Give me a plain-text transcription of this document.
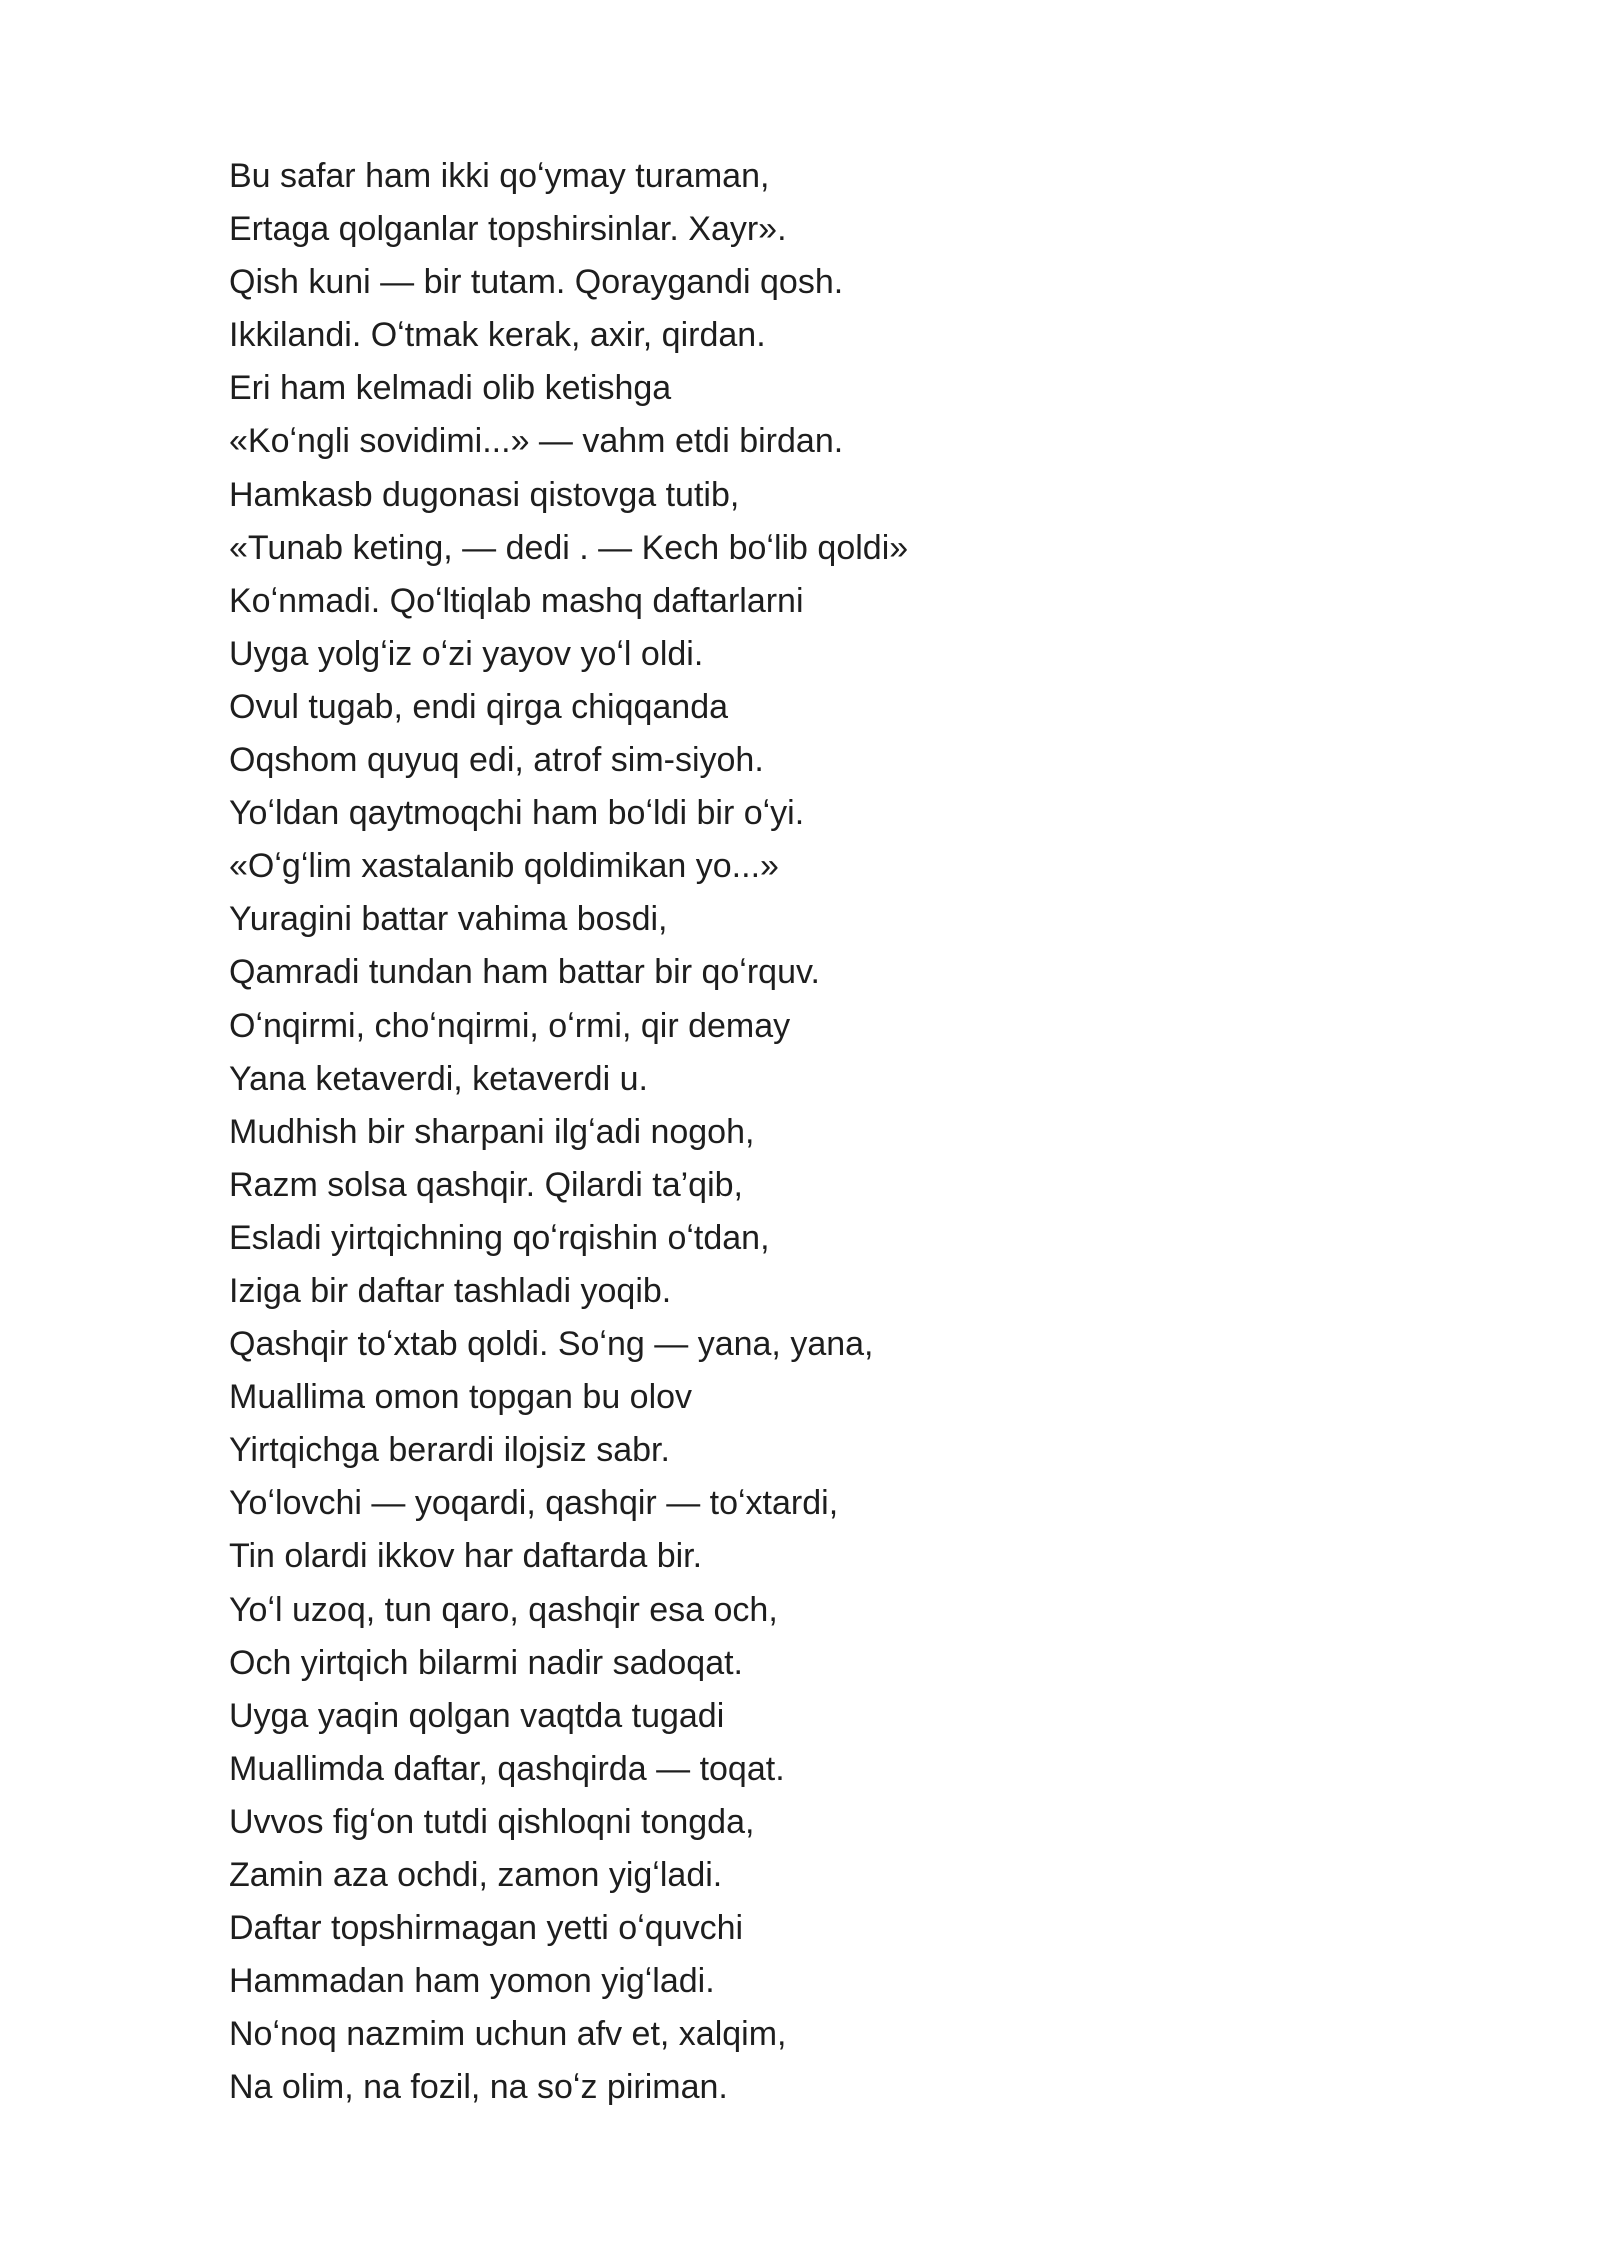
Bu safar ham ikki qoʻymay turaman,
Ertaga qolganlar topshirsinlar. Xayr».
Qish kuni — bir tutam. Qoraygandi qosh.
Ikkilandi. Oʻtmak kerak, axir, qirdan.
Eri ham kelmadi olib ketishga
«Koʻngli sovidimi...» — vahm etdi birdan.
Hamkasb dugonasi qistovga tutib,
«Tunab keting, — dedi . — Kech boʻlib qoldi»
Koʻnmadi. Qoʻltiqlab mashq daftarlarni
Uyga yolgʻiz oʻzi yayov yoʻl oldi.
Ovul tugab, endi qirga chiqqanda
Oqshom quyuq edi, atrof sim-siyoh.
Yoʻldan qaytmoqchi ham boʻldi bir oʻyi.
«Oʻgʻlim xastalanib qoldimikan yo...»
Yuragini battar vahima bosdi,
Qamradi tundan ham battar bir qoʻrquv.
Oʻnqirmi, choʻnqirmi, oʻrmi, qir demay
Yana ketaverdi, ketaverdi u.
Mudhish bir sharpani ilgʻadi nogoh,
Razm solsa qashqir. Qilardi ta’qib,
Esladi yirtqichning qoʻrqishin oʻtdan,
Iziga bir daftar tashladi yoqib.
Qashqir toʻxtab qoldi. Soʻng — yana, yana,
Muallima omon topgan bu olov
Yirtqichga berardi ilojsiz sabr.
Yoʻlovchi — yoqardi, qashqir — toʻxtardi,
Tin olardi ikkov har daftarda bir.
Yoʻl uzoq, tun qaro, qashqir esa och,
Och yirtqich bilarmi nadir sadoqat.
Uyga yaqin qolgan vaqtda tugadi
Muallimda daftar, qashqirda — toqat.
Uvvos figʻon tutdi qishloqni tongda,
Zamin aza ochdi, zamon yigʻladi.
Daftar topshirmagan yetti oʻquvchi
Hammadan ham yomon yigʻladi.
Noʻnoq nazmim uchun afv et, xalqim,
Na olim, na fozil, na soʻz piriman.
